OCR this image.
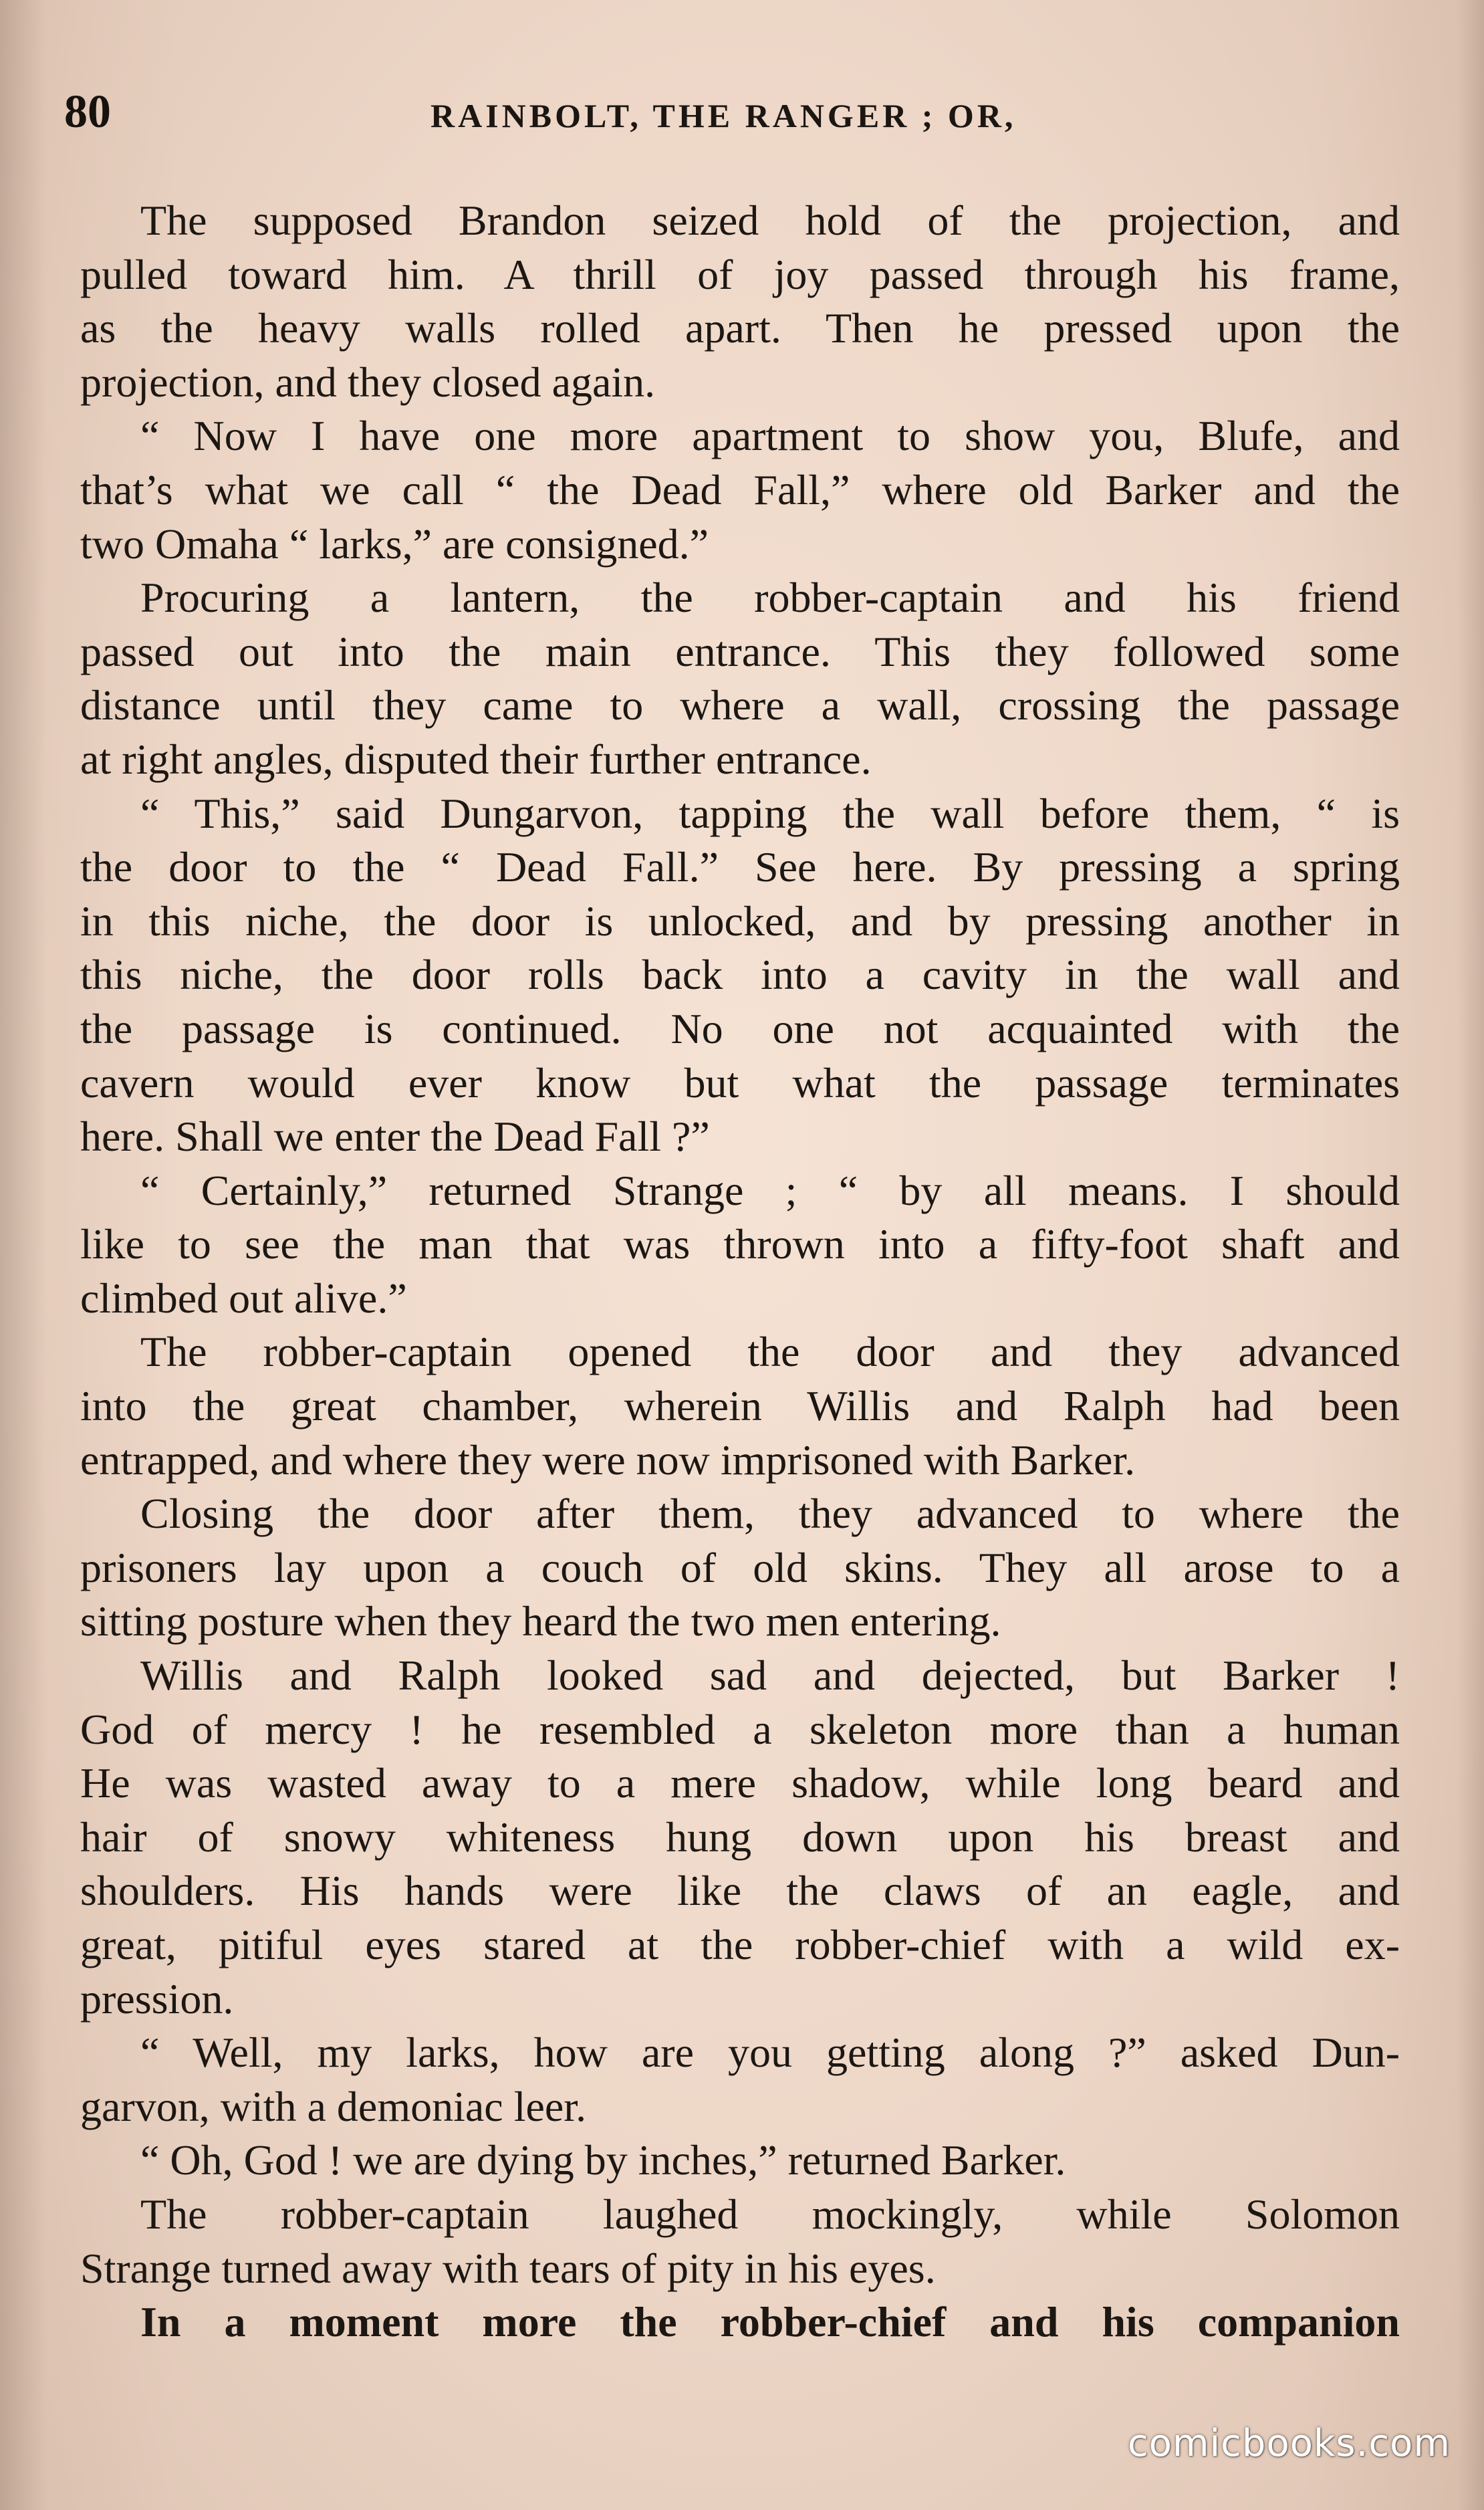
80	RAINBOLT, THE RANGER ; OR,
The supposed Brandon seized hold of the projection, and
pulled toward him. A thrill of joy passed through his frame,
as the heavy walls rolled apart. Then he pressed upon the
projection, and they closed again.
“ Now I have one more apartment to show you, Blufe, and
that’s what we call “ the Dead Fall,” where old Barker and the
two Omaha “ larks,” are consigned.”
Procuring a lantern, the robber-captain and his friend
passed out into the main entrance. This they followed some
distance until they came to where a wall, crossing the passage
at right angles, disputed their further entrance.
“ This,” said Dungarvon, tapping the wall before them, “ is
the door to the “ Dead Fall.” See here. By pressing a spring
in this niche, the door is unlocked, and by pressing another in
this niche, the door rolls back into a cavity in the wall and
the passage is continued. No one not acquainted with the
cavern would ever know but what the passage terminates
here. Shall we enter the Dead Fall ?”
“ Certainly,” returned Strange ; “ by all means. I should
like to see the man that was thrown into a fifty-foot shaft and
climbed out alive.”
The robber-captain opened the door and they advanced
into the great chamber, wherein Willis and Ralph had been
entrapped, and where they were now imprisoned with Barker.
Closing the door after them, they advanced to where the
prisoners lay upon a couch of old skins. They all arose to a
sitting posture when they heard the two men entering.
Willis and Ralph looked sad and dejected, but Barker !
God of mercy ! he resembled a skeleton more than a human
He was wasted away to a mere shadow, while long beard and
hair of snowy whiteness hung down upon his breast and
shoulders. His hands were like the claws of an eagle, and
great, pitiful eyes stared at the robber-chief with a wild ex-
pression.
“ Well, my larks, how are you getting along ?” asked Dun-
garvon, with a demoniac leer.
“ Oh, God ! we are dying by inches,” returned Barker.
The robber-captain laughed mockingly, while Solomon
Strange turned away with tears of pity in his eyes.
In a moment more the robber-chief and his companion
comicbooks.com
